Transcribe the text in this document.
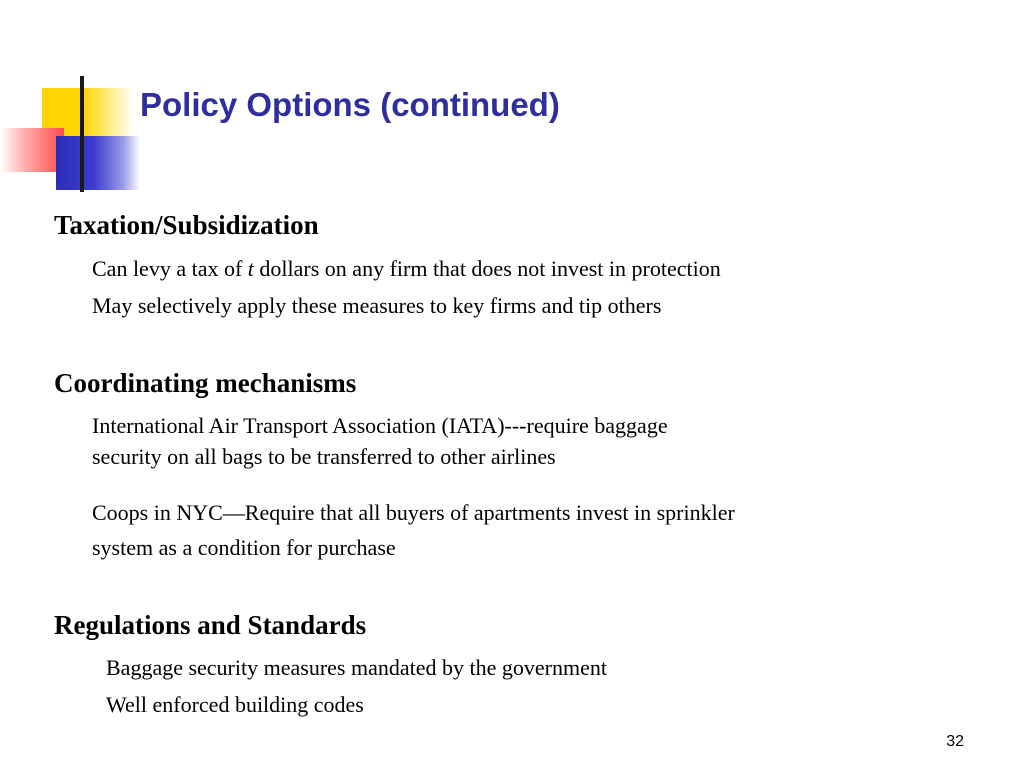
Policy Options (continued)
Taxation/Subsidization
Can levy a tax of t dollars on any firm that does not invest in protection
May selectively apply these measures to key firms and tip others
Coordinating mechanisms
International Air Transport Association (IATA)---require baggage
security on all bags to be transferred to other airlines
Coops in NYC—Require that all buyers of apartments invest in sprinkler
system as a condition for purchase
Regulations and Standards
Baggage security measures mandated by the government
Well enforced building codes
32
